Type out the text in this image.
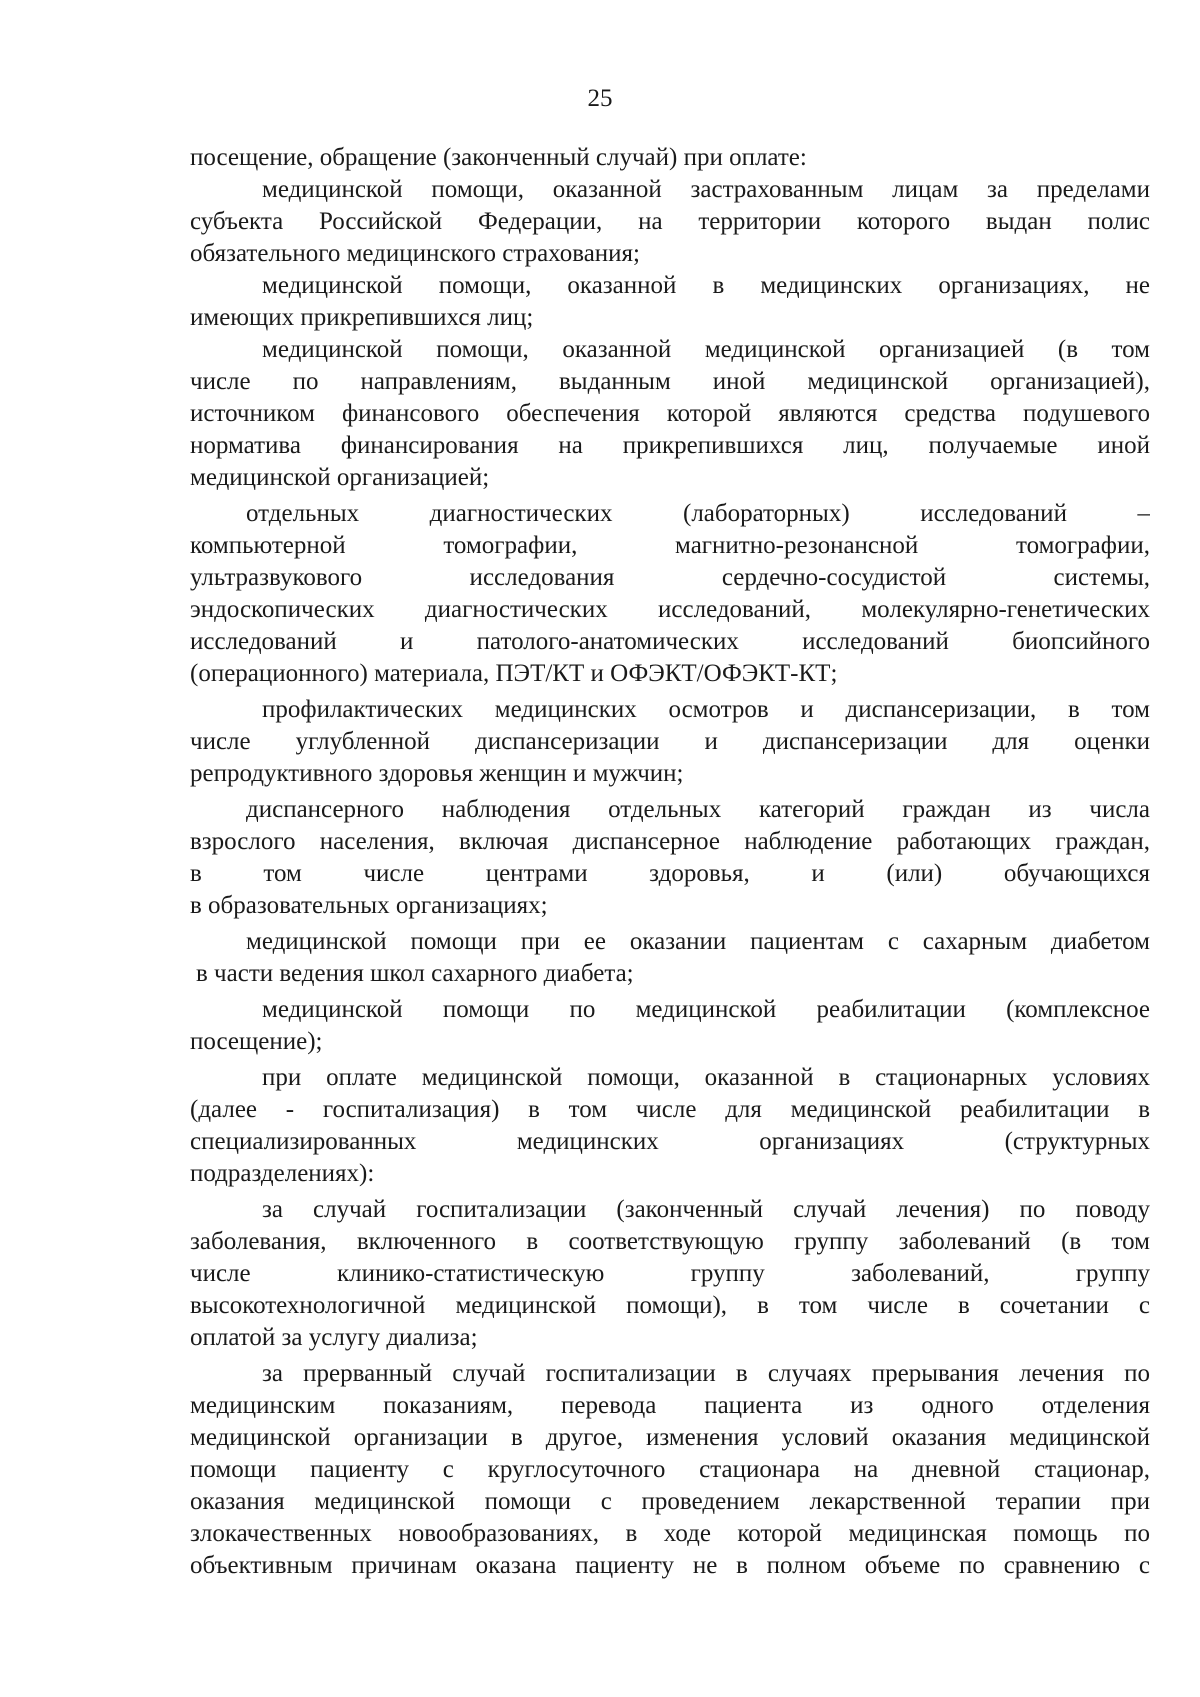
25
посещение, обращение (законченный случай) при оплате:
медицинской помощи, оказанной застрахованным лицам за пределами
субъекта Российской Федерации, на территории которого выдан полис
обязательного медицинского страхования;
медицинской помощи, оказанной в медицинских организациях, не
имеющих прикрепившихся лиц;
медицинской помощи, оказанной медицинской организацией (в том
числе по направлениям, выданным иной медицинской организацией),
источником финансового обеспечения которой являются средства подушевого
норматива финансирования на прикрепившихся лиц, получаемые иной
медицинской организацией;
отдельных диагностических (лабораторных) исследований –
компьютерной томографии, магнитно-резонансной томографии,
ультразвукового исследования сердечно-сосудистой системы,
эндоскопических диагностических исследований, молекулярно-генетических
исследований и патолого-анатомических исследований биопсийного
(операционного) материала, ПЭТ/КТ и ОФЭКТ/ОФЭКТ-КТ;
профилактических медицинских осмотров и диспансеризации, в том
числе углубленной диспансеризации и диспансеризации для оценки
репродуктивного здоровья женщин и мужчин;
диспансерного наблюдения отдельных категорий граждан из числа
взрослого населения, включая диспансерное наблюдение работающих граждан,
в том числе центрами здоровья, и (или) обучающихся
в образовательных организациях;
медицинской помощи при ее оказании пациентам с сахарным диабетом
в части ведения школ сахарного диабета;
медицинской помощи по медицинской реабилитации (комплексное
посещение);
при оплате медицинской помощи, оказанной в стационарных условиях
(далее - госпитализация) в том числе для медицинской реабилитации в
специализированных медицинских организациях (структурных
подразделениях):
за случай госпитализации (законченный случай лечения) по поводу
заболевания, включенного в соответствующую группу заболеваний (в том
числе клинико-статистическую группу заболеваний, группу
высокотехнологичной медицинской помощи), в том числе в сочетании с
оплатой за услугу диализа;
за прерванный случай госпитализации в случаях прерывания лечения по
медицинским показаниям, перевода пациента из одного отделения
медицинской организации в другое, изменения условий оказания медицинской
помощи пациенту с круглосуточного стационара на дневной стационар,
оказания медицинской помощи с проведением лекарственной терапии при
злокачественных новообразованиях, в ходе которой медицинская помощь по
объективным причинам оказана пациенту не в полном объеме по сравнению с
